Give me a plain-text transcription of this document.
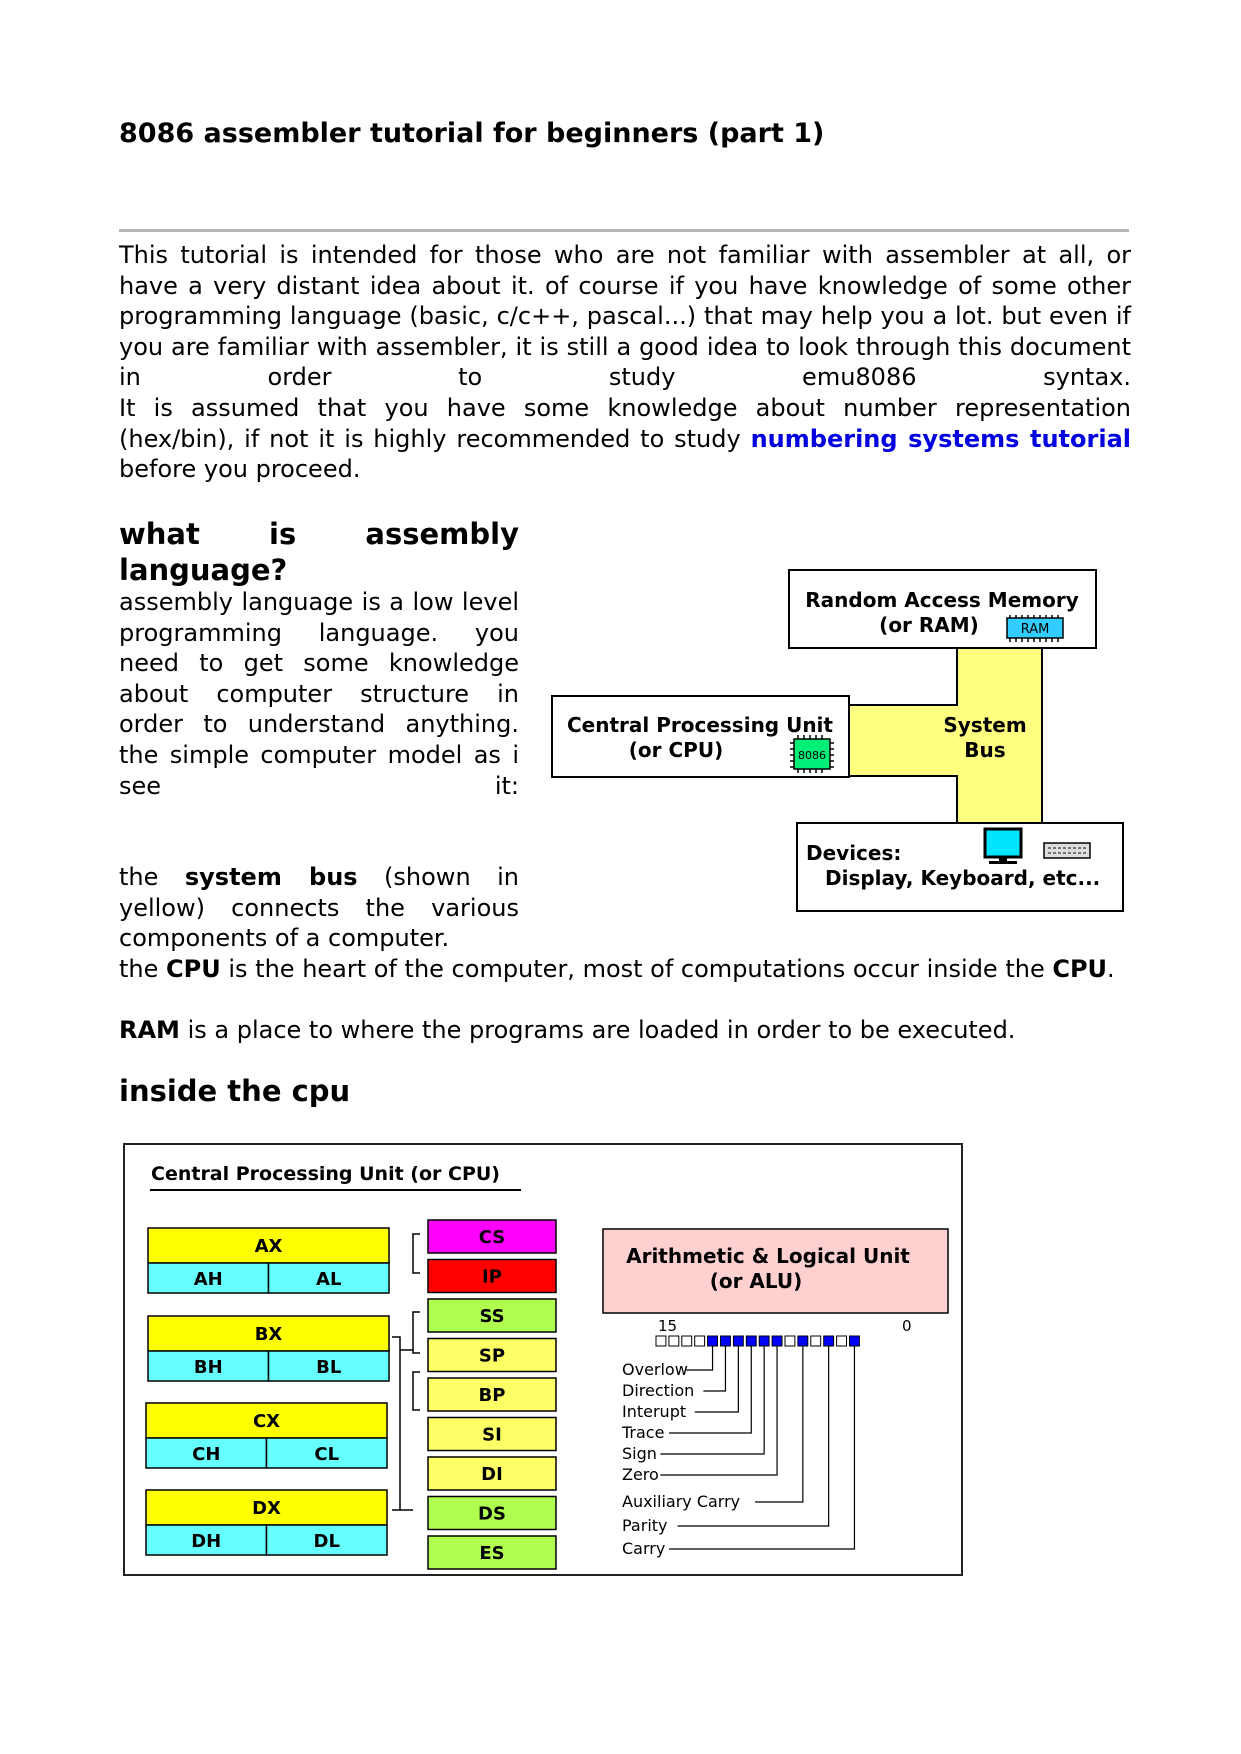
8086 assembler tutorial for beginners (part 1)

This tutorial is intended for those who are not familiar with assembler at all, or have a very distant idea about it. of course if you have knowledge of some other programming language (basic, c/c++, pascal...) that may help you a lot. but even if you are familiar with assembler, it is still a good idea to look through this document in order to study emu8086 syntax.
It is assumed that you have some knowledge about number representation (hex/bin), if not it is highly recommended to study numbering systems tutorial before you proceed.

what is assembly language?

assembly language is a low level programming language. you need to get some knowledge about computer structure in order to understand anything. the simple computer model as i see	it:

the system bus (shown in yellow) connects the various components of a computer.

the CPU is the heart of the computer, most of computations occur inside the CPU.

RAM is a place to where the programs are loaded in order to be executed.

inside the cpu
System
Bus
Random Access Memory
(or RAM)	RAM
Central Processing Unit
(or CPU)	8086
Devices:
Display, Keyboard, etc...
Central Processing Unit (or CPU)
AX
AH	AL
BX
BH	BL
CX
CH	CL
DX
DH	DL
CS
IP
SS
SP
BP
SI
DI
DS
ES
Arithmetic & Logical Unit
(or ALU)
15	0
Overlow
Direction
Interupt
Trace
Sign
Zero
Auxiliary Carry
Parity
Carry
